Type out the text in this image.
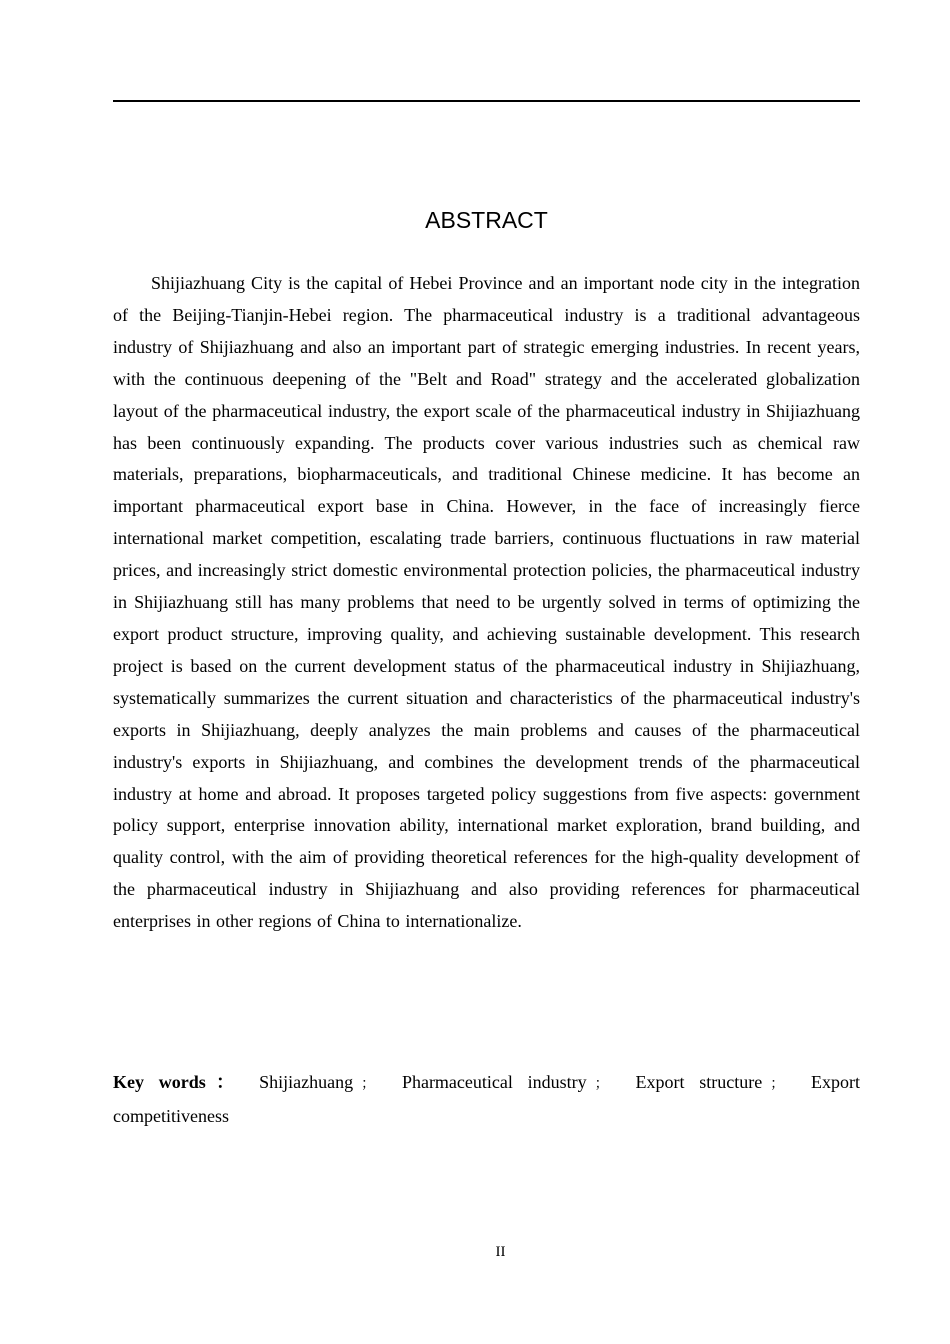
ABSTRACT

Shijiazhuang City is the capital of Hebei Province and an important node city in the integration of the Beijing-Tianjin-Hebei region. The pharmaceutical industry is a traditional advantageous industry of Shijiazhuang and also an important part of strategic emerging industries. In recent years, with the continuous deepening of the "Belt and Road" strategy and the accelerated globalization layout of the pharmaceutical industry, the export scale of the pharmaceutical industry in Shijiazhuang has been continuously expanding. The products cover various industries such as chemical raw materials, preparations, biopharmaceuticals, and traditional Chinese medicine. It has become an important pharmaceutical export base in China. However, in the face of increasingly fierce international market competition, escalating trade barriers, continuous fluctuations in raw material prices, and increasingly strict domestic environmental protection policies, the pharmaceutical industry in Shijiazhuang still has many problems that need to be urgently solved in terms of optimizing the export product structure, improving quality, and achieving sustainable development. This research project is based on the current development status of the pharmaceutical industry in Shijiazhuang, systematically summarizes the current situation and characteristics of the pharmaceutical industry's exports in Shijiazhuang, deeply analyzes the main problems and causes of the pharmaceutical industry's exports in Shijiazhuang, and combines the development trends of the pharmaceutical industry at home and abroad. It proposes targeted policy suggestions from five aspects: government policy support, enterprise innovation ability, international market exploration, brand building, and quality control, with the aim of providing theoretical references for the high-quality development of the pharmaceutical industry in Shijiazhuang and also providing references for pharmaceutical enterprises in other regions of China to internationalize.

Key words： Shijiazhuang ； Pharmaceutical industry ； Export structure ； Export competitiveness

II
